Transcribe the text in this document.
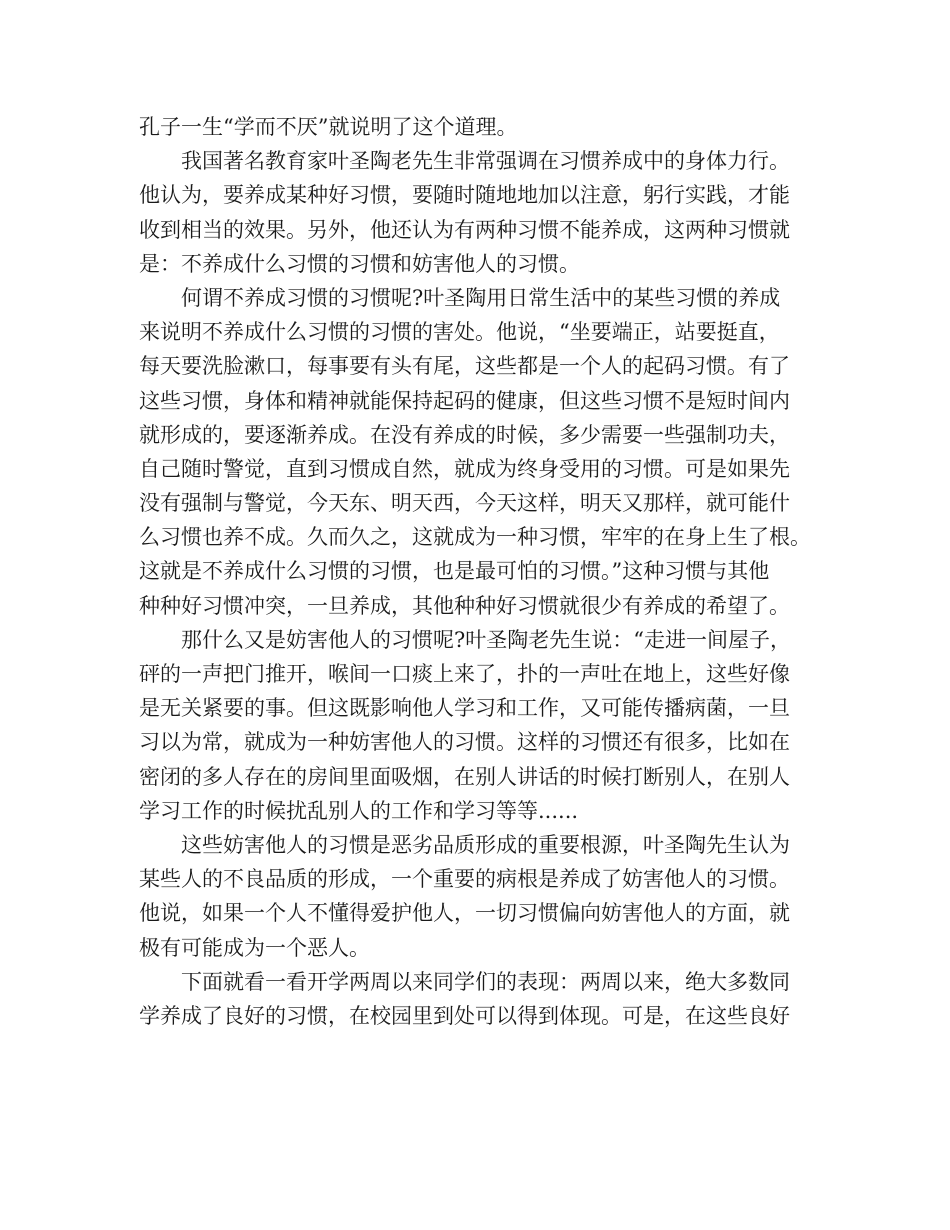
孔子一生“学而不厌”就说明了这个道理。
我国著名教育家叶圣陶老先生非常强调在习惯养成中的身体力行。
他认为，要养成某种好习惯，要随时随地地加以注意，躬行实践，才能
收到相当的效果。另外，他还认为有两种习惯不能养成，这两种习惯就
是：不养成什么习惯的习惯和妨害他人的习惯。
何谓不养成习惯的习惯呢?叶圣陶用日常生活中的某些习惯的养成
来说明不养成什么习惯的习惯的害处。他说，“坐要端正，站要挺直，
每天要洗脸漱口，每事要有头有尾，这些都是一个人的起码习惯。有了
这些习惯，身体和精神就能保持起码的健康，但这些习惯不是短时间内
就形成的，要逐渐养成。在没有养成的时候，多少需要一些强制功夫，
自己随时警觉，直到习惯成自然，就成为终身受用的习惯。可是如果先
没有强制与警觉，今天东、明天西，今天这样，明天又那样，就可能什
么习惯也养不成。久而久之，这就成为一种习惯，牢牢的在身上生了根。
这就是不养成什么习惯的习惯，也是最可怕的习惯。”这种习惯与其他
种种好习惯冲突，一旦养成，其他种种好习惯就很少有养成的希望了。
那什么又是妨害他人的习惯呢?叶圣陶老先生说：“走进一间屋子，
砰的一声把门推开，喉间一口痰上来了，扑的一声吐在地上，这些好像
是无关紧要的事。但这既影响他人学习和工作，又可能传播病菌，一旦
习以为常，就成为一种妨害他人的习惯。这样的习惯还有很多，比如在
密闭的多人存在的房间里面吸烟，在别人讲话的时候打断别人，在别人
学习工作的时候扰乱别人的工作和学习等等......
这些妨害他人的习惯是恶劣品质形成的重要根源，叶圣陶先生认为
某些人的不良品质的形成，一个重要的病根是养成了妨害他人的习惯。
他说，如果一个人不懂得爱护他人，一切习惯偏向妨害他人的方面，就
极有可能成为一个恶人。
下面就看一看开学两周以来同学们的表现：两周以来，绝大多数同
学养成了良好的习惯，在校园里到处可以得到体现。可是，在这些良好
